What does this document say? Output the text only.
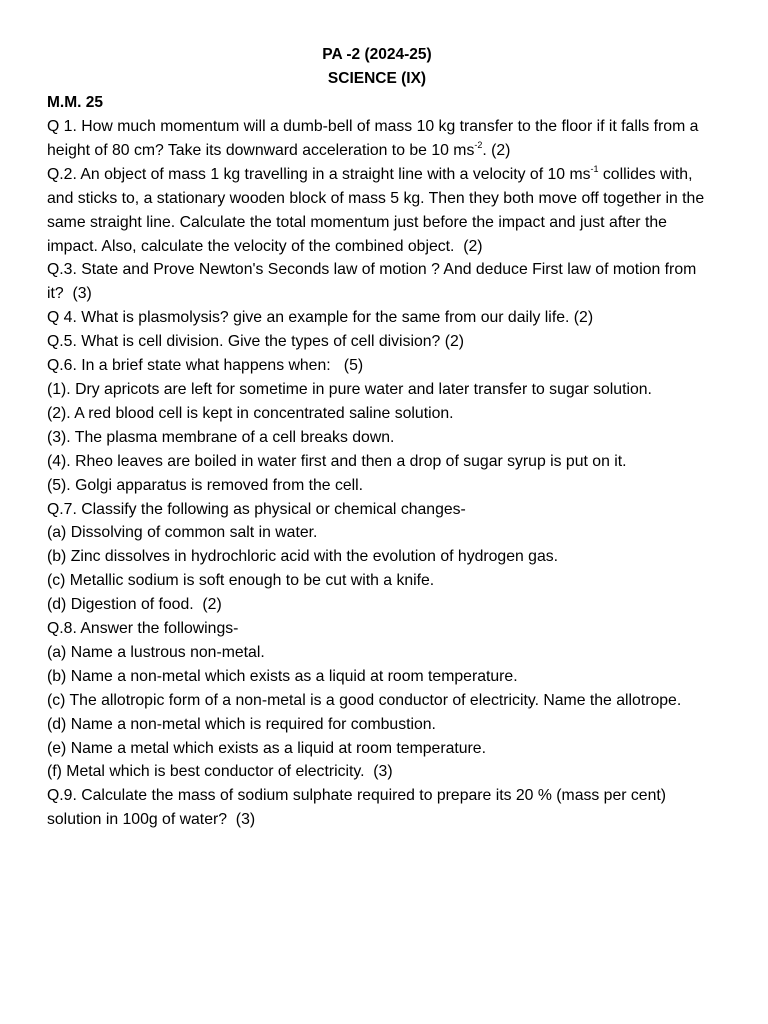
PA -2 (2024-25)
SCIENCE (IX)
M.M. 25
Q 1. How much momentum will a dumb-bell of mass 10 kg transfer to the floor if it falls from a height of 80 cm? Take its downward acceleration to be 10 $ms^{-2}$. (2)
Q.2. An object of mass 1 kg travelling in a straight line with a velocity of 10 $ms^{-1}$ collides with, and sticks to, a stationary wooden block of mass 5 kg. Then they both move off together in the same straight line. Calculate the total momentum just before the impact and just after the impact. Also, calculate the velocity of the combined object.  (2)
Q.3. State and Prove Newton's Seconds law of motion ? And deduce First law of motion from it?  (3)
Q 4. What is plasmolysis? give an example for the same from our daily life. (2)
Q.5. What is cell division. Give the types of cell division? (2)
Q.6. In a brief state what happens when:   (5)
(1). Dry apricots are left for sometime in pure water and later transfer to sugar solution.
(2). A red blood cell is kept in concentrated saline solution.
(3). The plasma membrane of a cell breaks down.
(4). Rheo leaves are boiled in water first and then a drop of sugar syrup is put on it.
(5). Golgi apparatus is removed from the cell.
Q.7. Classify the following as physical or chemical changes-
(a) Dissolving of common salt in water.
(b) Zinc dissolves in hydrochloric acid with the evolution of hydrogen gas.
(c) Metallic sodium is soft enough to be cut with a knife.
(d) Digestion of food.  (2)
Q.8. Answer the followings-
(a) Name a lustrous non-metal.
(b) Name a non-metal which exists as a liquid at room temperature.
(c) The allotropic form of a non-metal is a good conductor of electricity. Name the allotrope.
(d) Name a non-metal which is required for combustion.
(e) Name a metal which exists as a liquid at room temperature.
(f) Metal which is best conductor of electricity.  (3)
Q.9. Calculate the mass of sodium sulphate required to prepare its 20 % (mass per cent) solution in 100g of water?  (3)
